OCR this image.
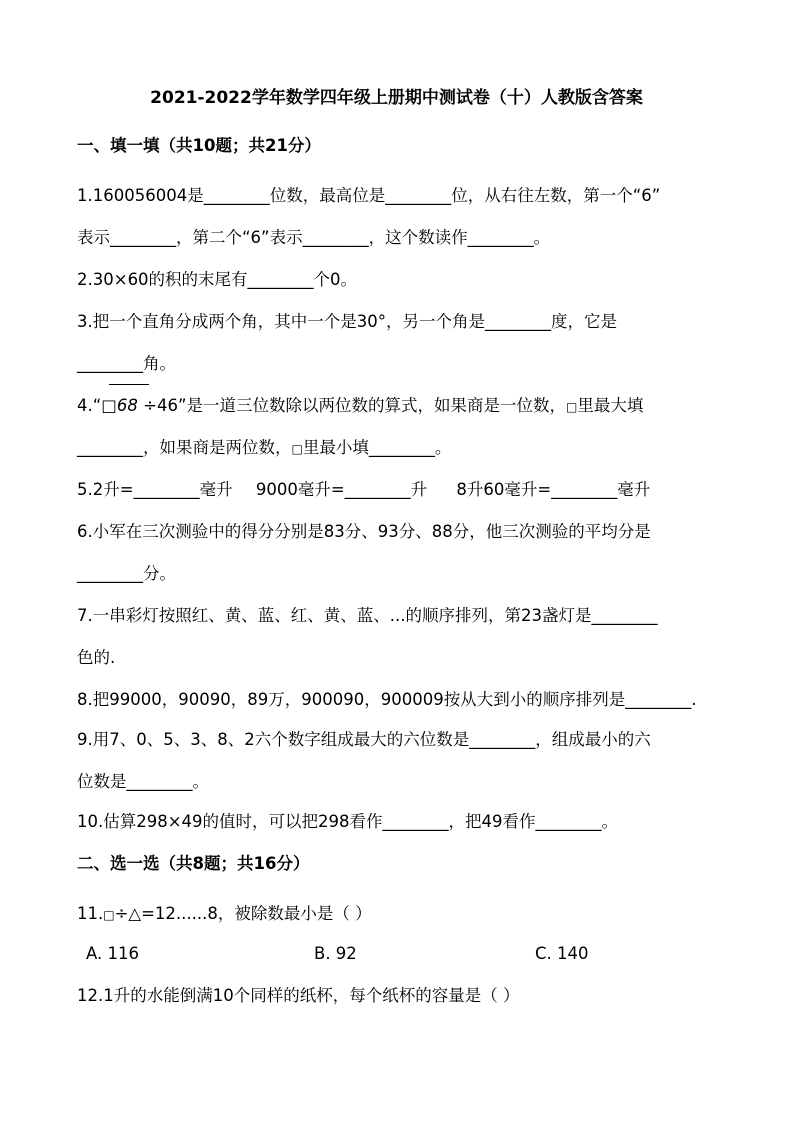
2021-2022学年数学四年级上册期中测试卷（十）人教版含答案
一、填一填（共10题；共21分）
1.160056004是________位数，最高位是________位，从右往左数，第一个“6”
表示________，第二个“6”表示________，这个数读作________。
2.30×60的积的末尾有________个0。
3.把一个直角分成两个角，其中一个是30°，另一个角是________度，它是
________角。
4.“□68 ÷46”是一道三位数除以两位数的算式，如果商是一位数，□里最大填
________，如果商是两位数，□里最小填________。
5.2升=________毫升 9000毫升=________升 8升60毫升=________毫升
6.小军在三次测验中的得分分别是83分、93分、88分，他三次测验的平均分是
________分。
7.一串彩灯按照红、黄、蓝、红、黄、蓝、...的顺序排列，第23盏灯是________
色的.
8.把99000，90090，89万，900090，900009按从大到小的顺序排列是________.
9.用7、0、5、3、8、2六个数字组成最大的六位数是________，组成最小的六
位数是________。
10.估算298×49的值时，可以把298看作________，把49看作________。
二、选一选（共8题；共16分）
11.□÷△=12......8，被除数最小是（ ）
A. 116	B. 92	C. 140
12.1升的水能倒满10个同样的纸杯，每个纸杯的容量是（ ）
